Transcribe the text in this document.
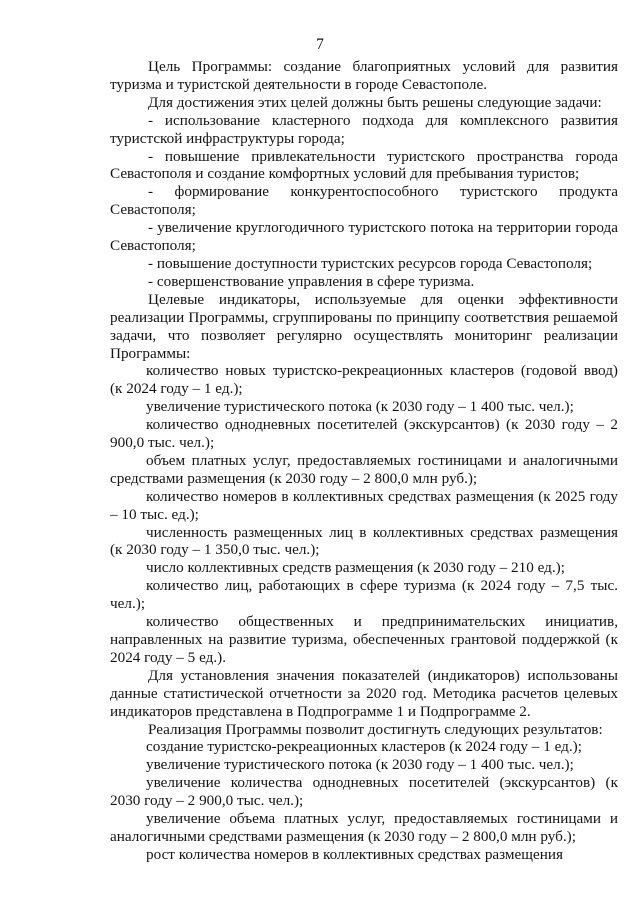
7

Цель Программы: создание благоприятных условий для развития туризма и туристской деятельности в городе Севастополе.

Для достижения этих целей должны быть решены следующие задачи:

- использование кластерного подхода для комплексного развития туристской инфраструктуры города;

- повышение привлекательности туристского пространства города Севастополя и создание комфортных условий для пребывания туристов;

- формирование конкурентоспособного туристского продукта Севастополя;

- увеличение круглогодичного туристского потока на территории города Севастополя;

- повышение доступности туристских ресурсов города Севастополя;

- совершенствование управления в сфере туризма.

Целевые индикаторы, используемые для оценки эффективности реализации Программы, сгруппированы по принципу соответствия решаемой задачи, что позволяет регулярно осуществлять мониторинг реализации Программы:

количество новых туристско-рекреационных кластеров (годовой ввод) (к 2024 году – 1 ед.);

увеличение туристического потока (к 2030 году – 1 400 тыс. чел.);

количество однодневных посетителей (экскурсантов) (к 2030 году – 2 900,0 тыс. чел.);

объем платных услуг, предоставляемых гостиницами и аналогичными средствами размещения (к 2030 году – 2 800,0 млн руб.);

количество номеров в коллективных средствах размещения (к 2025 году – 10 тыс. ед.);

численность размещенных лиц в коллективных средствах размещения (к 2030 году – 1 350,0 тыс. чел.);

число коллективных средств размещения (к 2030 году – 210 ед.);

количество лиц, работающих в сфере туризма (к 2024 году – 7,5 тыс. чел.);

количество общественных и предпринимательских инициатив, направленных на развитие туризма, обеспеченных грантовой поддержкой (к 2024 году – 5 ед.).

Для установления значения показателей (индикаторов) использованы данные статистической отчетности за 2020 год. Методика расчетов целевых индикаторов представлена в Подпрограмме 1 и Подпрограмме 2.

Реализация Программы позволит достигнуть следующих результатов:

создание туристско-рекреационных кластеров (к 2024 году – 1 ед.);

увеличение туристического потока (к 2030 году – 1 400 тыс. чел.);

увеличение количества однодневных посетителей (экскурсантов) (к 2030 году – 2 900,0 тыс. чел.);

увеличение объема платных услуг, предоставляемых гостиницами и аналогичными средствами размещения (к 2030 году – 2 800,0 млн руб.);

рост количества номеров в коллективных средствах размещения
